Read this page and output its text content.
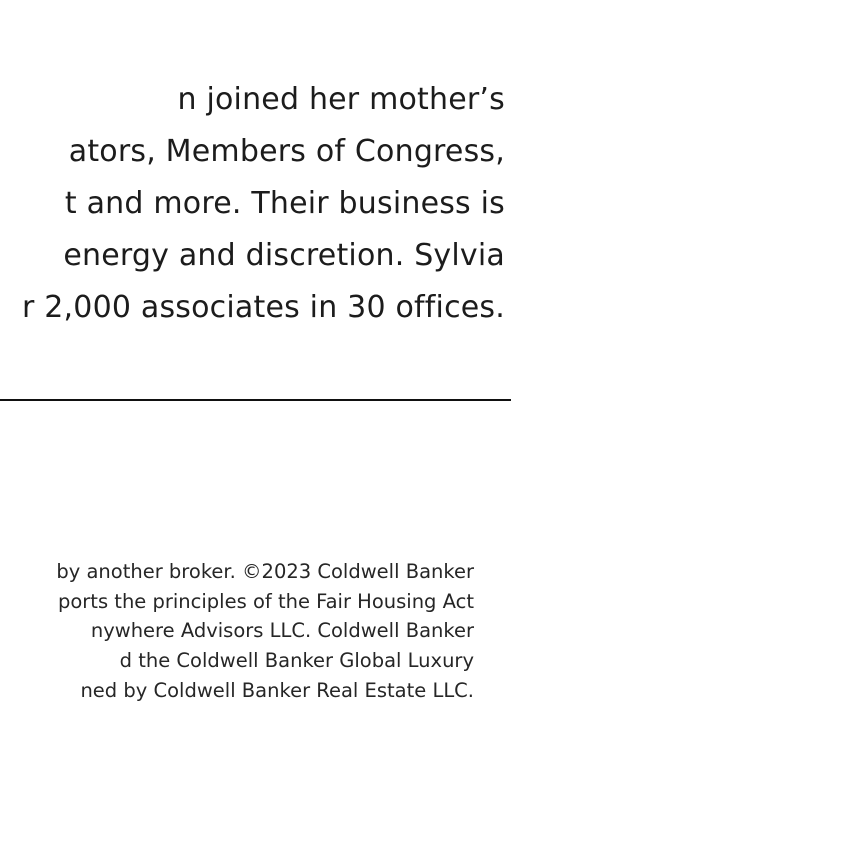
n joined her mother’s
ators, Members of Congress,
t and more. Their business is
energy and discretion. Sylvia
r 2,000 associates in 30 offices.
by another broker. ©2023 Coldwell Banker
ports the principles of the Fair Housing Act
nywhere Advisors LLC. Coldwell Banker
d the Coldwell Banker Global Luxury
ned by Coldwell Banker Real Estate LLC.
